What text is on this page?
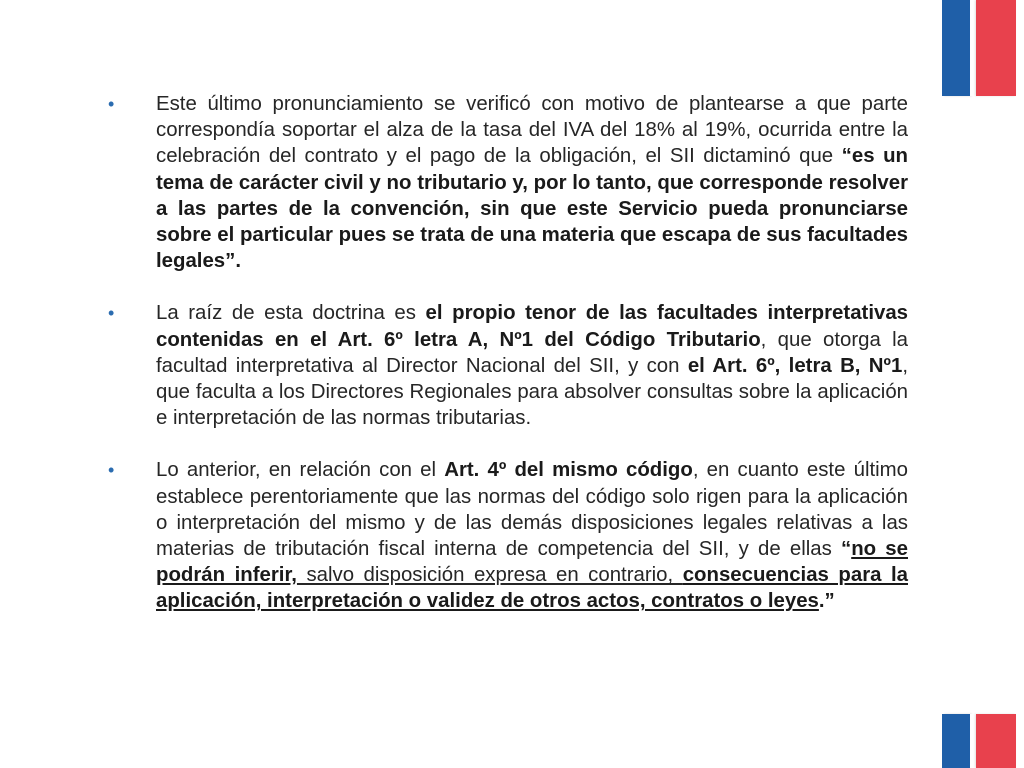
• Este último pronunciamiento se verificó con motivo de plantearse a que parte correspondía soportar el alza de la tasa del IVA del 18% al 19%, ocurrida entre la celebración del contrato y el pago de la obligación, el SII dictaminó que “es un tema de carácter civil y no tributario y, por lo tanto, que corresponde resolver a las partes de la convención, sin que este Servicio pueda pronunciarse sobre el particular pues se trata de una materia que escapa de sus facultades legales”.
• La raíz de esta doctrina es el propio tenor de las facultades interpretativas contenidas en el Art. 6º letra A, Nº1 del Código Tributario, que otorga la facultad interpretativa al Director Nacional del SII, y con el Art. 6º, letra B, Nº1, que faculta a los Directores Regionales para absolver consultas sobre la aplicación e interpretación de las normas tributarias.
• Lo anterior, en relación con el Art. 4º del mismo código, en cuanto este último establece perentoriamente que las normas del código solo rigen para la aplicación o interpretación del mismo y de las demás disposiciones legales relativas a las materias de tributación fiscal interna de competencia del SII, y de ellas “no se podrán inferir, salvo disposición expresa en contrario, consecuencias para la aplicación, interpretación o validez de otros actos, contratos o leyes.”
